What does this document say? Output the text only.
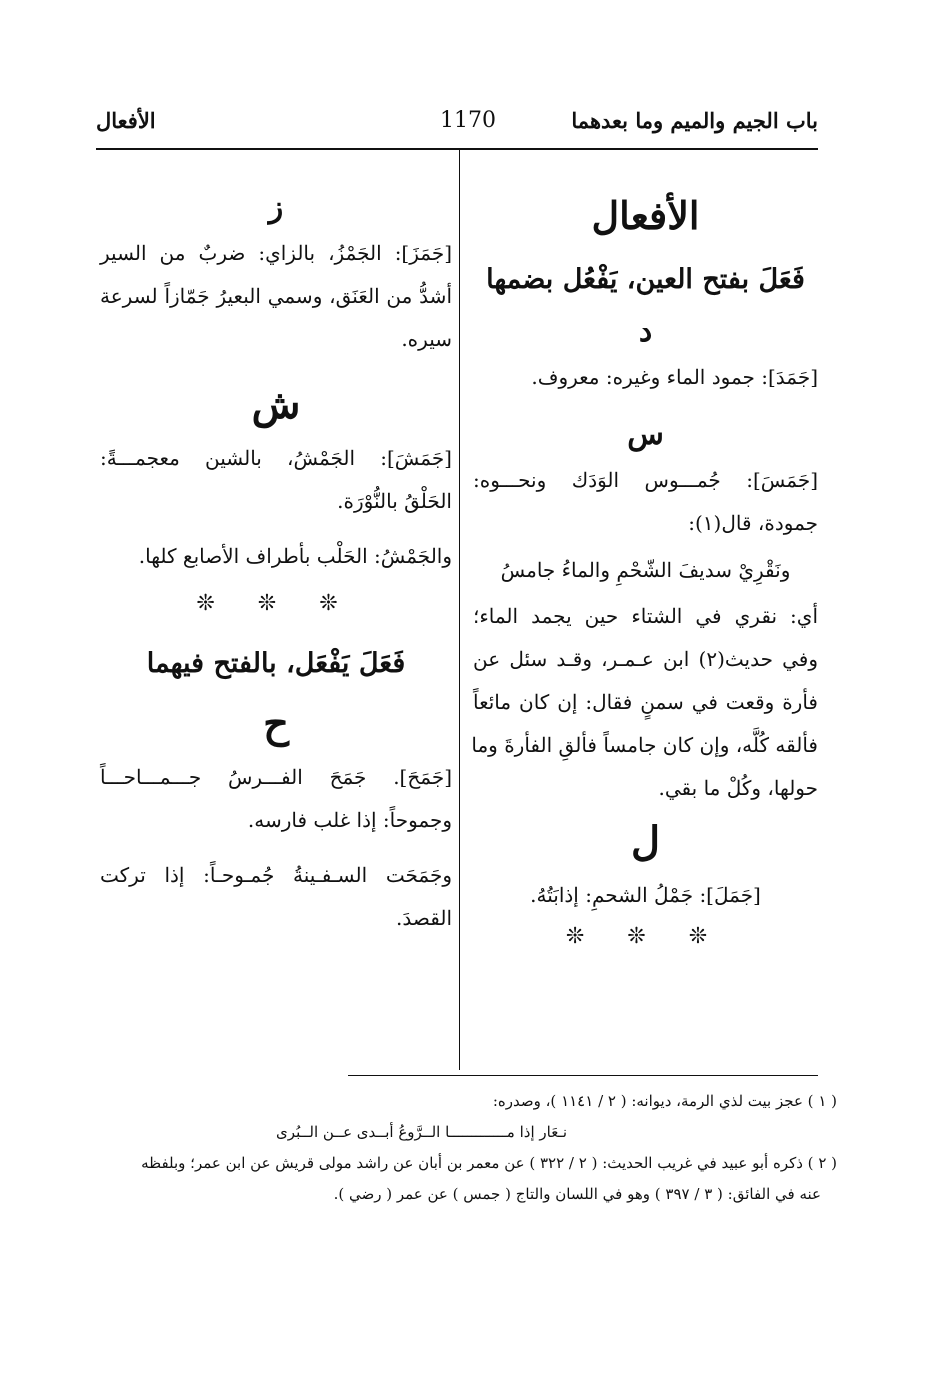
باب الجيم والميم وما بعدهما
1170
الأفعال
الأفعال
فَعَلَ بفتح العين، يَفْعُل بضمها
د
[جَمَدَ]: جمود الماء وغيره: معروف.
س
[جَمَسَ]: جُمـــوس الوَدَك ونحـــوه:
جمودة، قال(١):
ونَقْرِيْ سديفَ الشّحْمِ والماءُ جامسُ
أي: نقري في الشتاء حين يجمد الماء؛
وفي حديث(٢) ابن عـمـر، وقـد سئل عن
فأرة وقعت في سمنٍ فقال: إن كان مائعاً
فألقه كُلَّه، وإن كان جامساً فألقِ الفأرةَ وما
حولها، وكُلْ ما بقي.
ل
[جَمَلَ]: جَمْلُ الشحمِ: إذابَتُهُ.
❊ ❊ ❊
ز
[جَمَزَ]: الجَمْزُ، بالزاي: ضربٌ من السير
أشدُّ من العَنَق، وسمي البعيرُ جَمّازاً لسرعة
سيره.
ش
[جَمَشَ]: الجَمْشُ، بالشين معجمـــةً:
الحَلْقُ بالنُّوْرَة.
والجَمْشُ: الحَلْب بأطراف الأصابع كلها.
❊ ❊ ❊
فَعَلَ يَفْعَل، بالفتح فيهما
ح
[جَمَحَ]. جَمَحَ الفـــرسُ جـــمـــاحـــاً
وجموحاً: إذا غلب فارسه.
وجَمَحَت السـفـينةُ جُمـوحـاً: إذا تركت
القصدَ.
( ١ ) عجز بيت لذي الرمة، ديوانه: ( ٢ / ١١٤١ )، وصدره:
نـعَار إذا مـــــــــــــا الــرَّوعُ أبــدى عــن الــبُرى
( ٢ ) ذكره أبو عبيد في غريب الحديث: ( ٢ / ٣٢٢ ) عن معمر بن أبان عن راشد مولى قريش عن ابن عمر؛ وبلفظه
عنه في الفائق: ( ٣ / ٣٩٧ ) وهو في اللسان والتاج ( جمس ) عن عمر ( رضي ).
